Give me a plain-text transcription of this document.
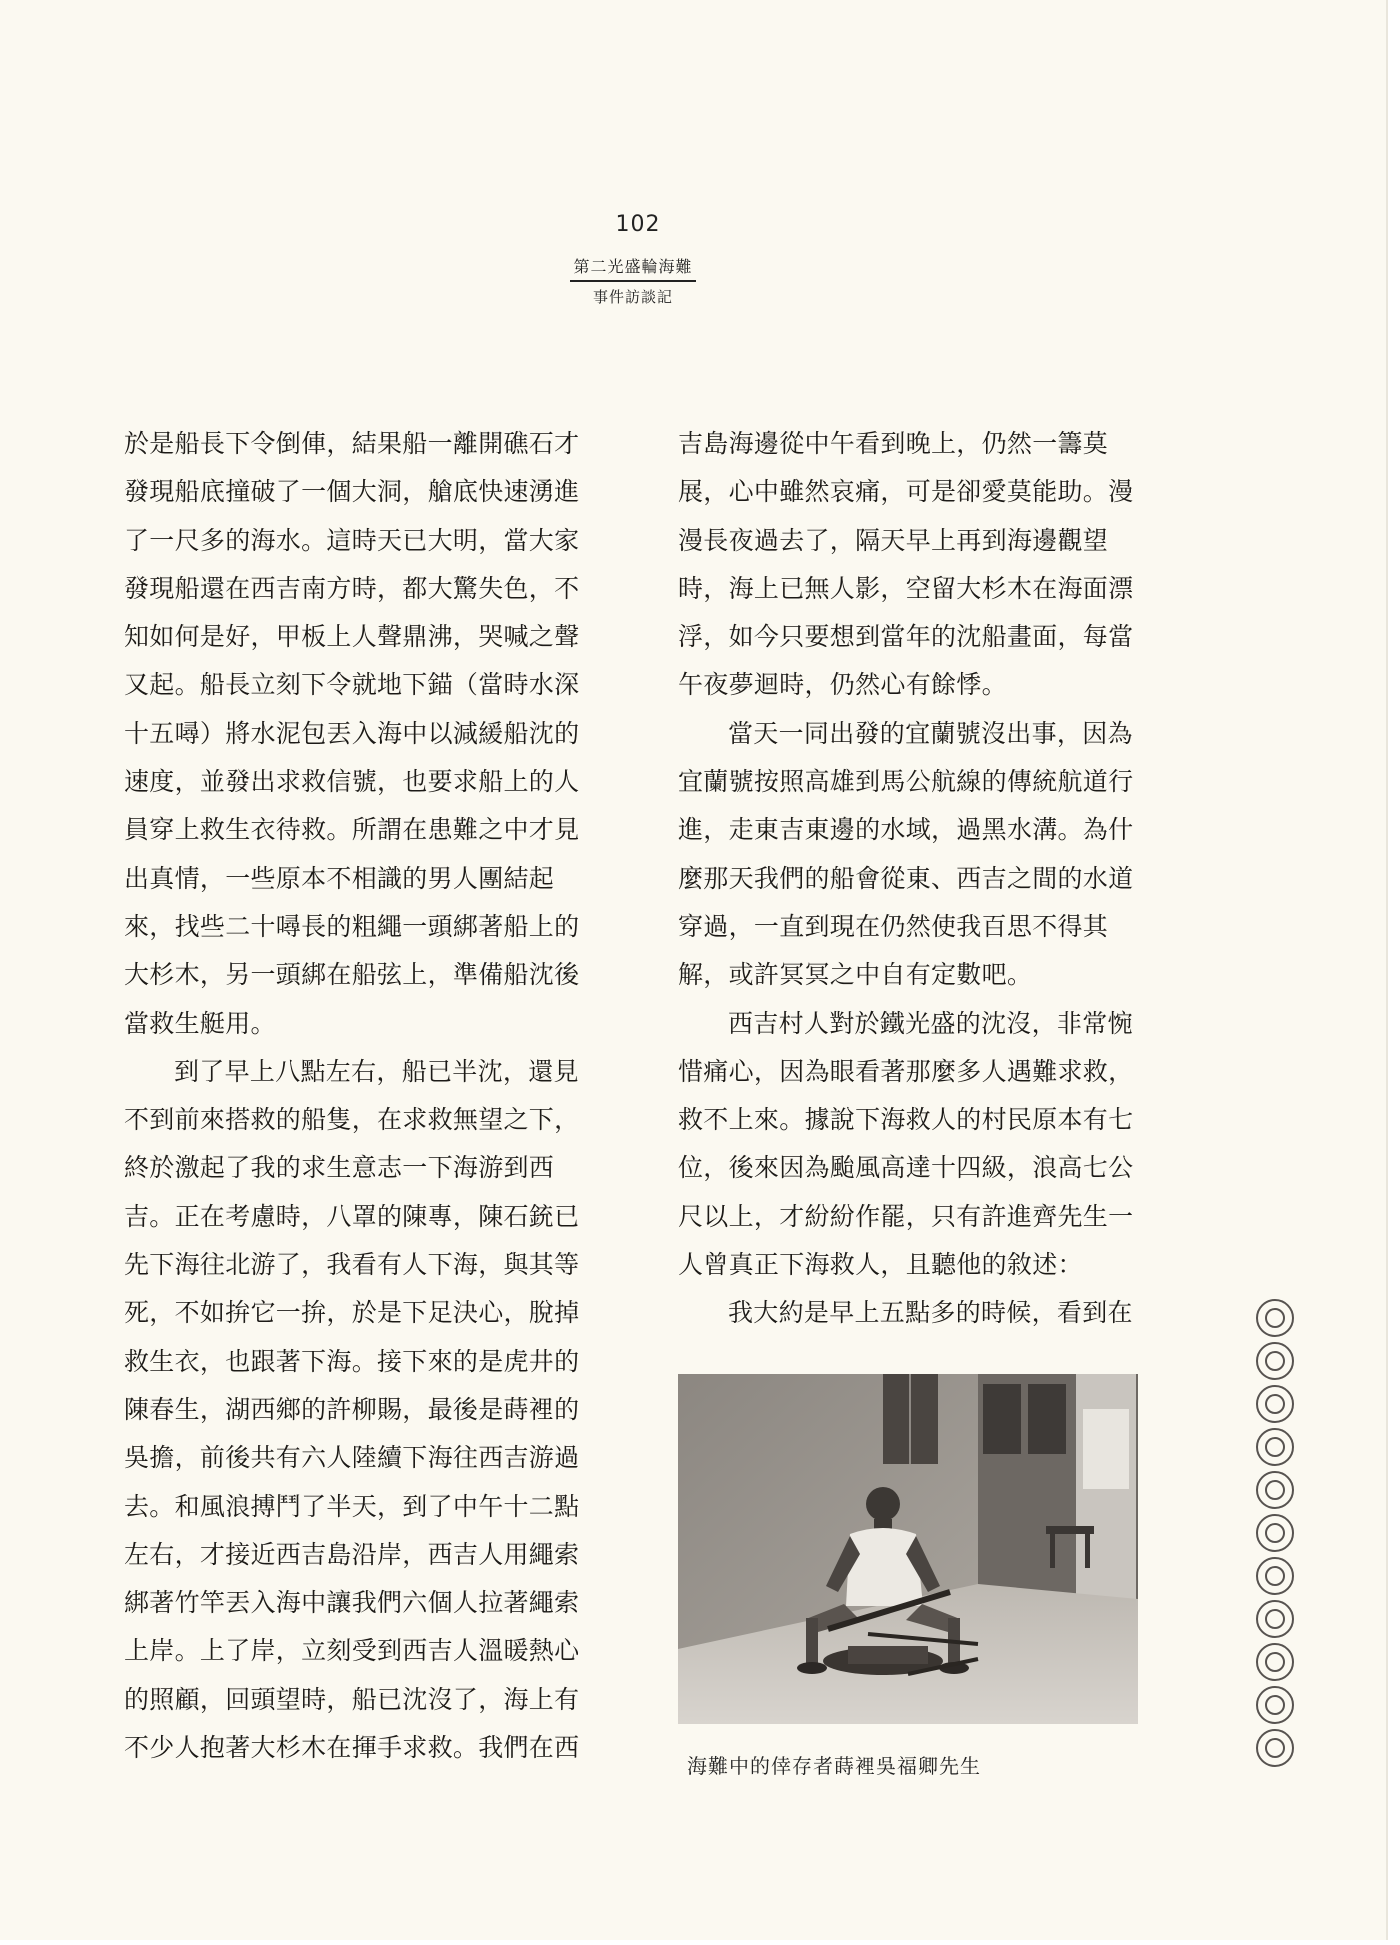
102
第二光盛輪海難
事件訪談記

於是船長下令倒俥，結果船一離開礁石才發現船底撞破了一個大洞，艙底快速湧進了一尺多的海水。這時天已大明，當大家發現船還在西吉南方時，都大驚失色，不知如何是好，甲板上人聲鼎沸，哭喊之聲又起。船長立刻下令就地下錨（當時水深十五噚）將水泥包丟入海中以減緩船沈的速度，並發出求救信號，也要求船上的人員穿上救生衣待救。所謂在患難之中才見出真情，一些原本不相識的男人團結起來，找些二十噚長的粗繩一頭綁著船上的大杉木，另一頭綁在船弦上，準備船沈後當救生艇用。

到了早上八點左右，船已半沈，還見不到前來搭救的船隻，在求救無望之下，終於激起了我的求生意志一下海游到西吉。正在考慮時，八罩的陳專，陳石銃已先下海往北游了，我看有人下海，與其等死，不如拚它一拚，於是下足決心，脫掉救生衣，也跟著下海。接下來的是虎井的陳春生，湖西鄉的許柳賜，最後是蒔裡的吳擔，前後共有六人陸續下海往西吉游過去。和風浪搏鬥了半天，到了中午十二點左右，才接近西吉島沿岸，西吉人用繩索綁著竹竿丟入海中讓我們六個人拉著繩索上岸。上了岸，立刻受到西吉人溫暖熱心的照顧，回頭望時，船已沈沒了，海上有不少人抱著大杉木在揮手求救。我們在西

吉島海邊從中午看到晚上，仍然一籌莫展，心中雖然哀痛，可是卻愛莫能助。漫漫長夜過去了，隔天早上再到海邊觀望時，海上已無人影，空留大杉木在海面漂浮，如今只要想到當年的沈船畫面，每當午夜夢迴時，仍然心有餘悸。

當天一同出發的宜蘭號沒出事，因為宜蘭號按照高雄到馬公航線的傳統航道行進，走東吉東邊的水域，過黑水溝。為什麼那天我們的船會從東、西吉之間的水道穿過，一直到現在仍然使我百思不得其解，或許冥冥之中自有定數吧。

西吉村人對於鐵光盛的沈沒，非常惋惜痛心，因為眼看著那麼多人遇難求救，救不上來。據說下海救人的村民原本有七位，後來因為颱風高達十四級，浪高七公尺以上，才紛紛作罷，只有許進齊先生一人曾真正下海救人，且聽他的敘述：

我大約是早上五點多的時候，看到在

海難中的倖存者蒔裡吳福卿先生
